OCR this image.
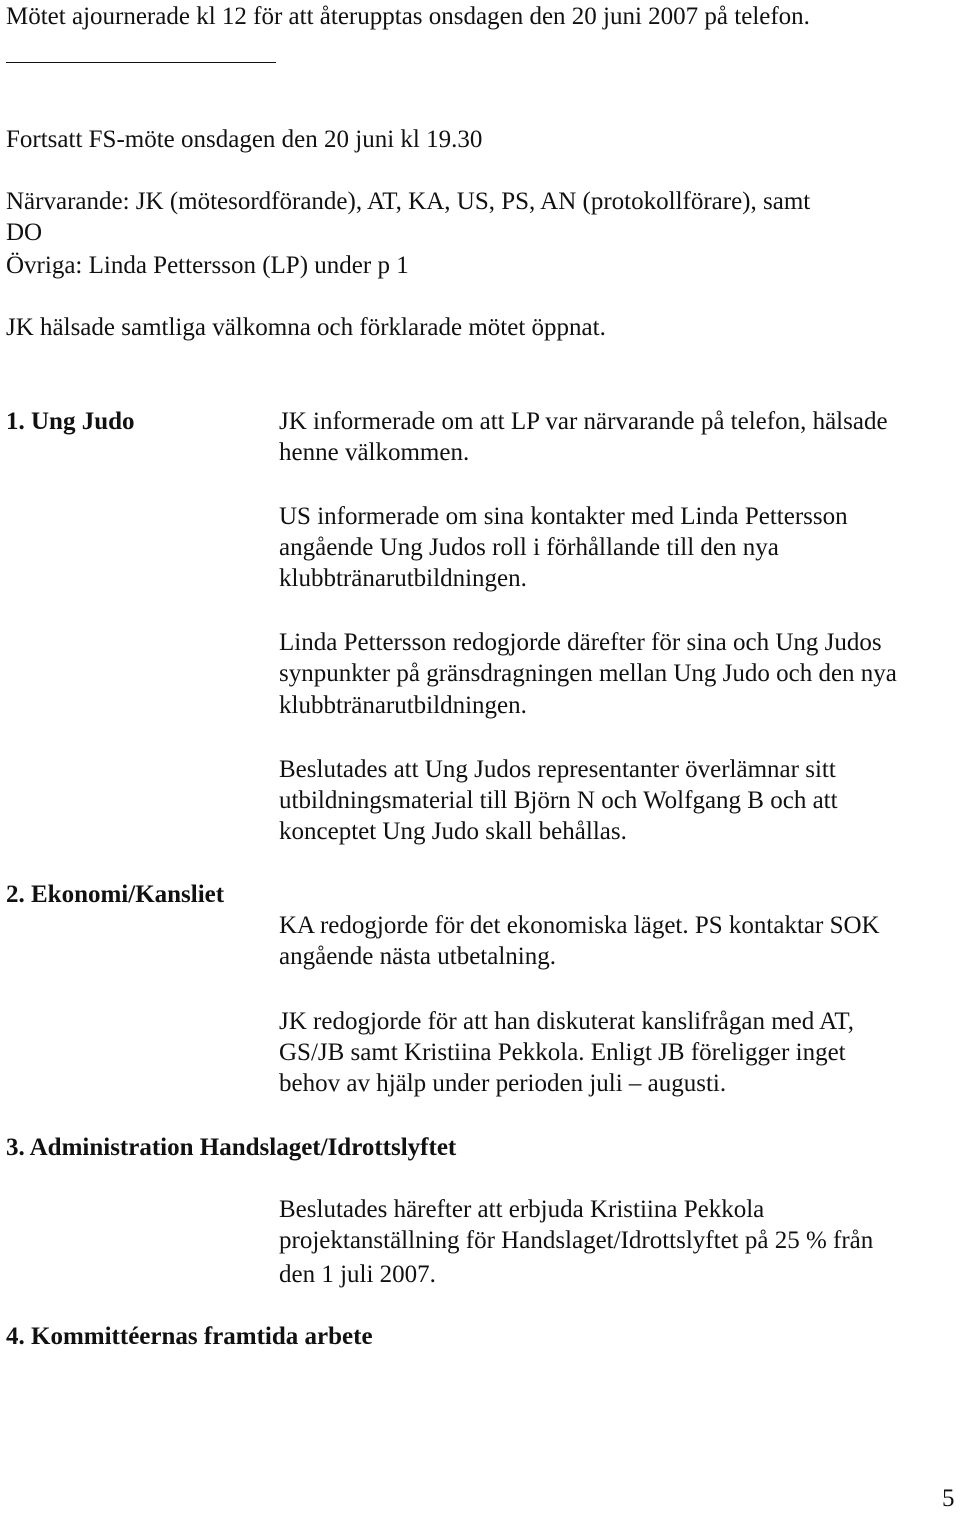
Mötet ajournerade kl 12 för att återupptas onsdagen den 20 juni 2007 på telefon.
Fortsatt FS-möte onsdagen den 20 juni kl 19.30
Närvarande: JK (mötesordförande), AT, KA, US, PS, AN (protokollförare), samt
DO
Övriga: Linda Pettersson (LP) under p 1
JK hälsade samtliga välkomna och förklarade mötet öppnat.
1. Ung Judo	JK informerade om att LP var närvarande på telefon, hälsade
henne välkommen.
US informerade om sina kontakter med Linda Pettersson
angående Ung Judos roll i förhållande till den nya
klubbtränarutbildningen.
Linda Pettersson redogjorde därefter för sina och Ung Judos
synpunkter på gränsdragningen mellan Ung Judo och den nya
klubbtränarutbildningen.
Beslutades att Ung Judos representanter överlämnar sitt
utbildningsmaterial till Björn N och Wolfgang B och att
konceptet Ung Judo skall behållas.
2. Ekonomi/Kansliet
KA redogjorde för det ekonomiska läget. PS kontaktar SOK
angående nästa utbetalning.
JK redogjorde för att han diskuterat kanslifrågan med AT,
GS/JB samt Kristiina Pekkola. Enligt JB föreligger inget
behov av hjälp under perioden juli – augusti.
3. Administration Handslaget/Idrottslyftet
Beslutades härefter att erbjuda Kristiina Pekkola
projektanställning för Handslaget/Idrottslyftet på 25 % från
den 1 juli 2007.
4. Kommittéernas framtida arbete
5
